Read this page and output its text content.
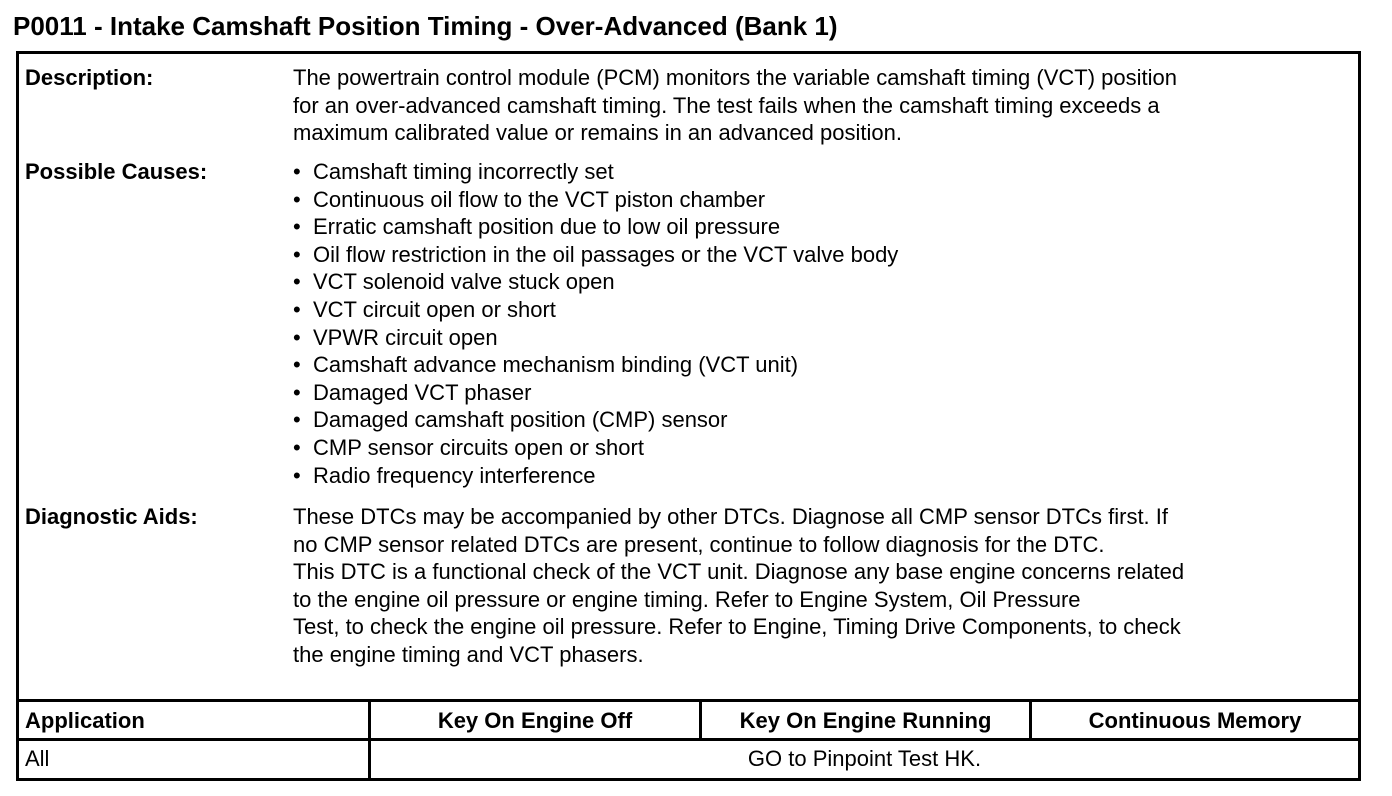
P0011 - Intake Camshaft Position Timing - Over-Advanced (Bank 1)
Description:	The powertrain control module (PCM) monitors the variable camshaft timing (VCT) position
for an over-advanced camshaft timing. The test fails when the camshaft timing exceeds a
maximum calibrated value or remains in an advanced position.
Possible Causes:	• Camshaft timing incorrectly set
• Continuous oil flow to the VCT piston chamber
• Erratic camshaft position due to low oil pressure
• Oil flow restriction in the oil passages or the VCT valve body
• VCT solenoid valve stuck open
• VCT circuit open or short
• VPWR circuit open
• Camshaft advance mechanism binding (VCT unit)
• Damaged VCT phaser
• Damaged camshaft position (CMP) sensor
• CMP sensor circuits open or short
• Radio frequency interference
Diagnostic Aids:	These DTCs may be accompanied by other DTCs. Diagnose all CMP sensor DTCs first. If
no CMP sensor related DTCs are present, continue to follow diagnosis for the DTC.
This DTC is a functional check of the VCT unit. Diagnose any base engine concerns related
to the engine oil pressure or engine timing. Refer to Engine System, Oil Pressure
Test, to check the engine oil pressure. Refer to Engine, Timing Drive Components, to check
the engine timing and VCT phasers.
Application	Key On Engine Off	Key On Engine Running	Continuous Memory
All	GO to Pinpoint Test HK.
